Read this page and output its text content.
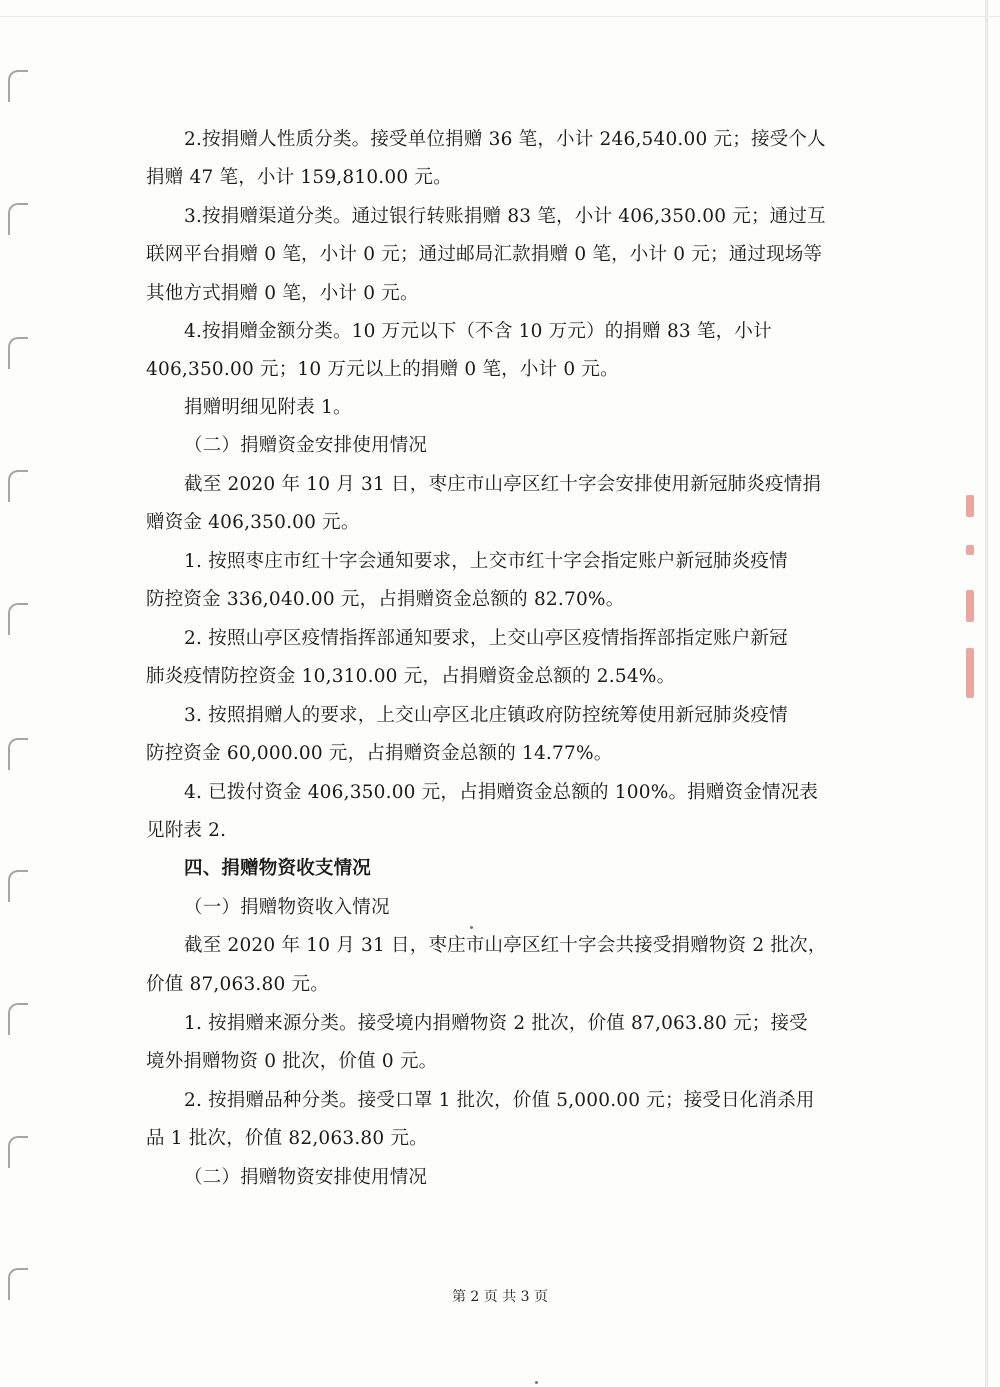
2.按捐赠人性质分类。接受单位捐赠 36 笔，小计 246,540.00 元；接受个人
捐赠 47 笔，小计 159,810.00 元。
3.按捐赠渠道分类。通过银行转账捐赠 83 笔，小计 406,350.00 元；通过互
联网平台捐赠 0 笔，小计 0 元；通过邮局汇款捐赠 0 笔，小计 0 元；通过现场等
其他方式捐赠 0 笔，小计 0 元。
4.按捐赠金额分类。10 万元以下（不含 10 万元）的捐赠 83 笔，小计
406,350.00 元；10 万元以上的捐赠 0 笔，小计 0 元。
捐赠明细见附表 1。
（二）捐赠资金安排使用情况
截至 2020 年 10 月 31 日，枣庄市山亭区红十字会安排使用新冠肺炎疫情捐
赠资金 406,350.00 元。
1. 按照枣庄市红十字会通知要求，上交市红十字会指定账户新冠肺炎疫情
防控资金 336,040.00 元，占捐赠资金总额的 82.70%。
2. 按照山亭区疫情指挥部通知要求，上交山亭区疫情指挥部指定账户新冠
肺炎疫情防控资金 10,310.00 元，占捐赠资金总额的 2.54%。
3. 按照捐赠人的要求，上交山亭区北庄镇政府防控统筹使用新冠肺炎疫情
防控资金 60,000.00 元，占捐赠资金总额的 14.77%。
4. 已拨付资金 406,350.00 元，占捐赠资金总额的 100%。捐赠资金情况表
见附表 2.
四、捐赠物资收支情况
（一）捐赠物资收入情况
截至 2020 年 10 月 31 日，枣庄市山亭区红十字会共接受捐赠物资 2 批次，
价值 87,063.80 元。
1. 按捐赠来源分类。接受境内捐赠物资 2 批次，价值 87,063.80 元；接受
境外捐赠物资 0 批次，价值 0 元。
2. 按捐赠品种分类。接受口罩 1 批次，价值 5,000.00 元；接受日化消杀用
品 1 批次，价值 82,063.80 元。
（二）捐赠物资安排使用情况
第 2 页 共 3 页
